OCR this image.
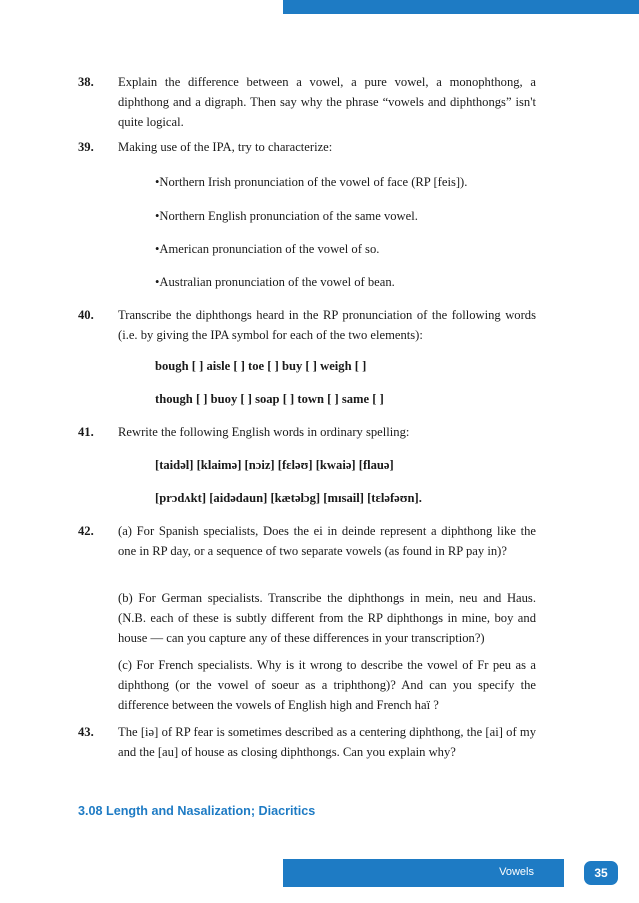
38. Explain the difference between a vowel, a pure vowel, a monophthong, a diphthong and a digraph. Then say why the phrase “vowels and diphthongs” isn't quite logical.
39. Making use of the IPA, try to characterize:
•Northern Irish pronunciation of the vowel of face (RP [feis]).
•Northern English pronunciation of the same vowel.
•American pronunciation of the vowel of so.
•Australian pronunciation of the vowel of bean.
40. Transcribe the diphthongs heard in the RP pronunciation of the following words (i.e. by giving the IPA symbol for each of the two elements):
bough [ ] aisle [ ] toe [ ] buy [ ] weigh [ ]
though [ ] buoy [ ] soap [ ] town [ ] same [ ]
41. Rewrite the following English words in ordinary spelling:
[taidəl] [klaimə] [nɔiz] [fɛləʊ] [kwaiə] [flauə]
[prɔdʌkt] [aidədaun] [kætəlɔg] [mɪsail] [tɛləfəʊn].
42. (a) For Spanish specialists, Does the ei in deinde represent a diphthong like the one in RP day, or a sequence of two separate vowels (as found in RP pay in)?
(b) For German specialists. Transcribe the diphthongs in mein, neu and Haus. (N.B. each of these is subtly different from the RP diphthongs in mine, boy and house — can you capture any of these differences in your transcription?)
(c) For French specialists. Why is it wrong to describe the vowel of Fr peu as a diphthong (or the vowel of soeur as a triphthong)? And can you specify the difference between the vowels of English high and French haï ?
43. The [iə] of RP fear is sometimes described as a centering diphthong, the [ai] of my and the [au] of house as closing diphthongs. Can you explain why?
3.08 Length and Nasalization; Diacritics
Vowels	35
